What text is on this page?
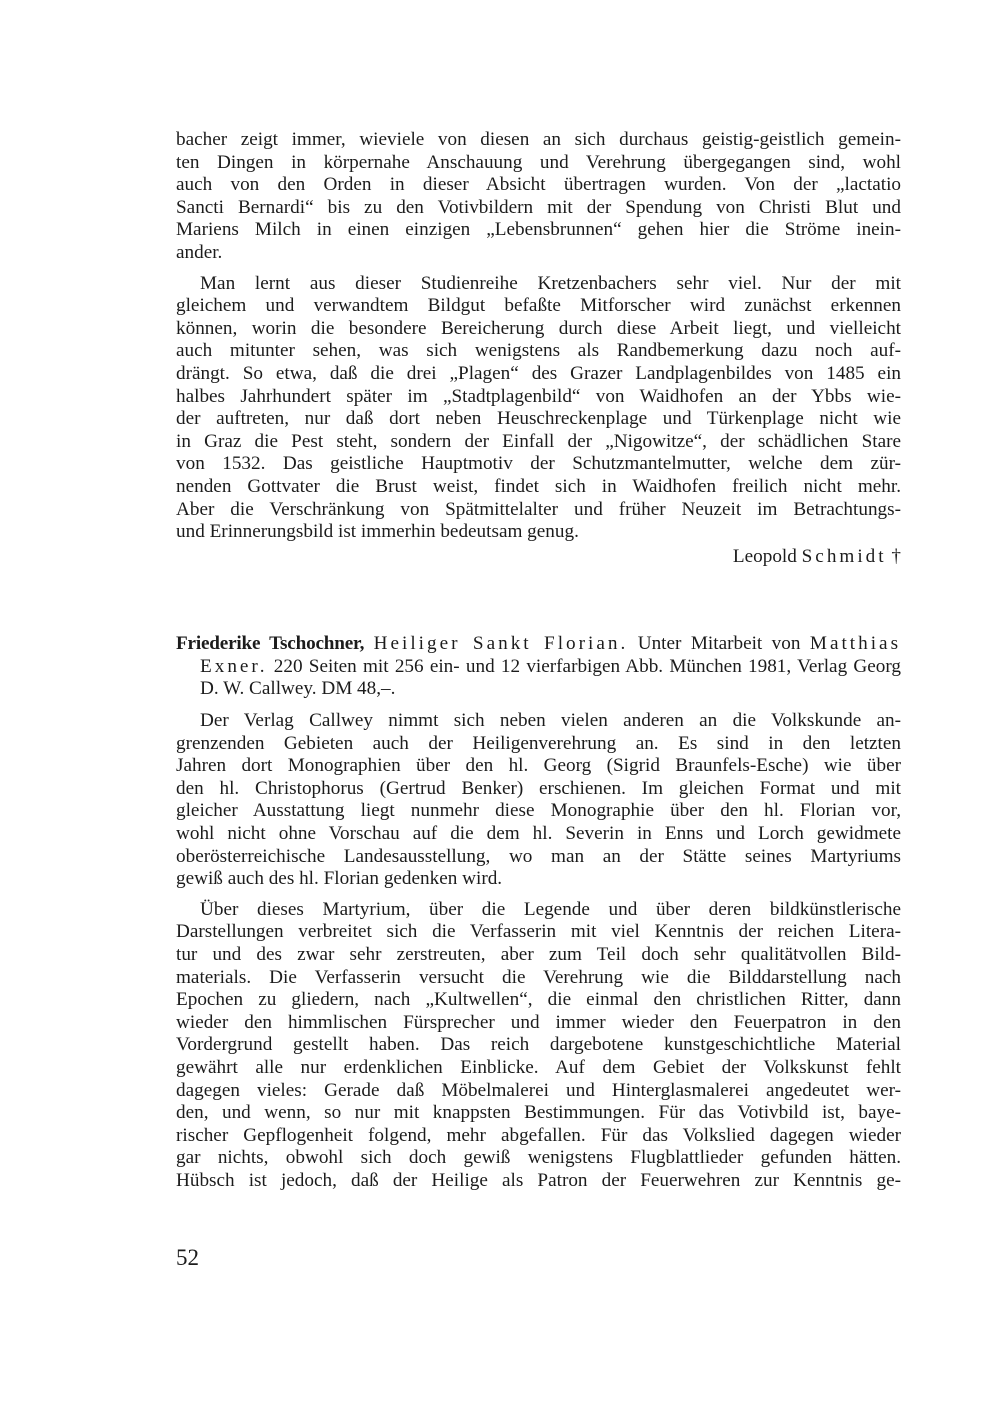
bacher zeigt immer, wieviele von diesen an sich durchaus geistig-geistlich gemein-
ten Dingen in körpernahe Anschauung und Verehrung übergegangen sind, wohl
auch von den Orden in dieser Absicht übertragen wurden. Von der „lactatio
Sancti Bernardi“ bis zu den Votivbildern mit der Spendung von Christi Blut und
Mariens Milch in einen einzigen „Lebensbrunnen“ gehen hier die Ströme inein-
ander.

Man lernt aus dieser Studienreihe Kretzenbachers sehr viel. Nur der mit
gleichem und verwandtem Bildgut befaßte Mitforscher wird zunächst erkennen
können, worin die besondere Bereicherung durch diese Arbeit liegt, und vielleicht
auch mitunter sehen, was sich wenigstens als Randbemerkung dazu noch auf-
drängt. So etwa, daß die drei „Plagen“ des Grazer Landplagenbildes von 1485 ein
halbes Jahrhundert später im „Stadtplagenbild“ von Waidhofen an der Ybbs wie-
der auftreten, nur daß dort neben Heuschreckenplage und Türkenplage nicht wie
in Graz die Pest steht, sondern der Einfall der „Nigowitze“, der schädlichen Stare
von 1532. Das geistliche Hauptmotiv der Schutzmantelmutter, welche dem zür-
nenden Gottvater die Brust weist, findet sich in Waidhofen freilich nicht mehr.
Aber die Verschränkung von Spätmittelalter und früher Neuzeit im Betrachtungs-
und Erinnerungsbild ist immerhin bedeutsam genug.

Leopold Schmidt †

Friederike Tschochner, Heiliger Sankt Florian. Unter Mitarbeit von Matthias Exner. 220 Seiten mit 256 ein- und 12 vierfarbigen Abb. München 1981, Verlag Georg D. W. Callwey. DM 48,–.

Der Verlag Callwey nimmt sich neben vielen anderen an die Volkskunde an-
grenzenden Gebieten auch der Heiligenverehrung an. Es sind in den letzten
Jahren dort Monographien über den hl. Georg (Sigrid Braunfels-Esche) wie über
den hl. Christophorus (Gertrud Benker) erschienen. Im gleichen Format und mit
gleicher Ausstattung liegt nunmehr diese Monographie über den hl. Florian vor,
wohl nicht ohne Vorschau auf die dem hl. Severin in Enns und Lorch gewidmete
oberösterreichische Landesausstellung, wo man an der Stätte seines Martyriums
gewiß auch des hl. Florian gedenken wird.

Über dieses Martyrium, über die Legende und über deren bildkünstlerische
Darstellungen verbreitet sich die Verfasserin mit viel Kenntnis der reichen Litera-
tur und des zwar sehr zerstreuten, aber zum Teil doch sehr qualitätvollen Bild-
materials. Die Verfasserin versucht die Verehrung wie die Bilddarstellung nach
Epochen zu gliedern, nach „Kultwellen“, die einmal den christlichen Ritter, dann
wieder den himmlischen Fürsprecher und immer wieder den Feuerpatron in den
Vordergrund gestellt haben. Das reich dargebotene kunstgeschichtliche Material
gewährt alle nur erdenklichen Einblicke. Auf dem Gebiet der Volkskunst fehlt
dagegen vieles: Gerade daß Möbelmalerei und Hinterglasmalerei angedeutet wer-
den, und wenn, so nur mit knappsten Bestimmungen. Für das Votivbild ist, baye-
rischer Gepflogenheit folgend, mehr abgefallen. Für das Volkslied dagegen wieder
gar nichts, obwohl sich doch gewiß wenigstens Flugblattlieder gefunden hätten.
Hübsch ist jedoch, daß der Heilige als Patron der Feuerwehren zur Kenntnis ge-

52
